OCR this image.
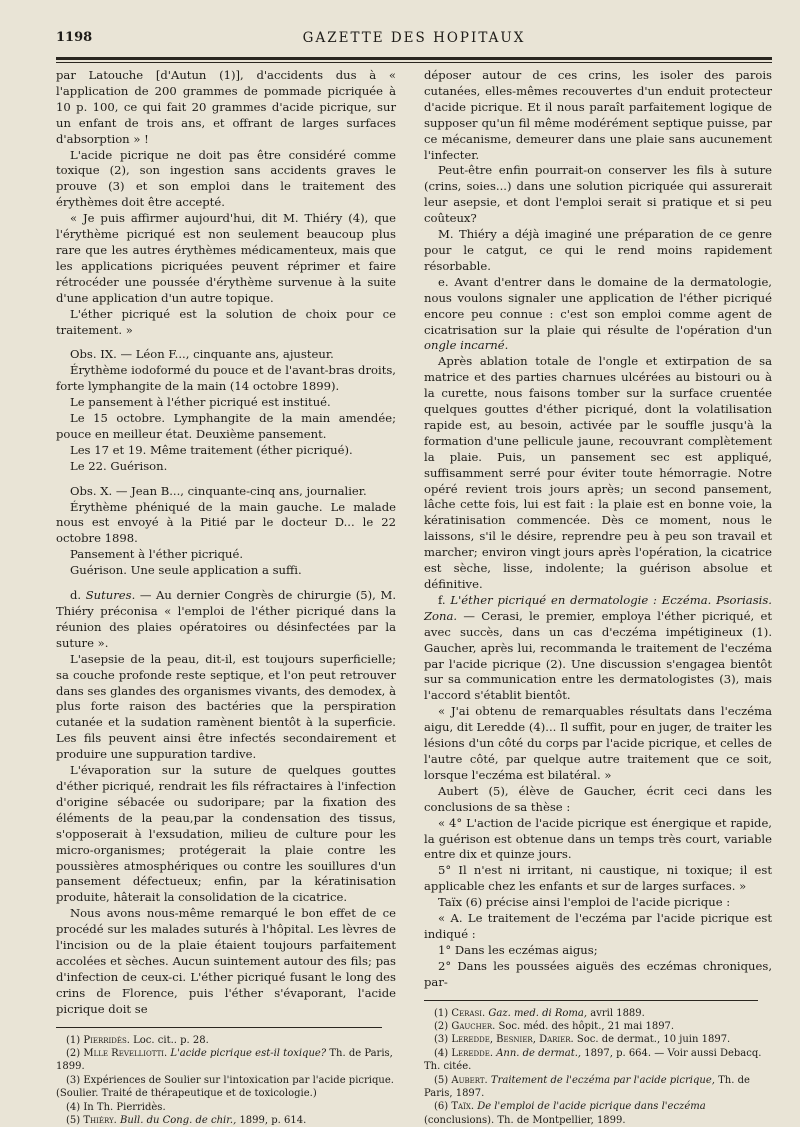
1198	GAZETTE DES HOPITAUX

par Latouche [d'Autun (1)], d'accidents dus à « l'application de 200 grammes de pommade picriquée à 10 p. 100, ce qui fait 20 grammes d'acide picrique, sur un enfant de trois ans, et offrant de larges surfaces d'absorption » !

L'acide picrique ne doit pas être considéré comme toxique (2), son ingestion sans accidents graves le prouve (3) et son emploi dans le traitement des érythèmes doit être accepté.

« Je puis affirmer aujourd'hui, dit M. Thiéry (4), que l'érythème picriqué est non seulement beaucoup plus rare que les autres érythèmes médicamenteux, mais que les applications picriquées peuvent réprimer et faire rétrocéder une poussée d'érythème survenue à la suite d'une application d'un autre topique.

L'éther picriqué est la solution de choix pour ce traitement. »

Obs. IX. — Léon F..., cinquante ans, ajusteur.

Érythème iodoformé du pouce et de l'avant-bras droits, forte lymphangite de la main (14 octobre 1899).

Le pansement à l'éther picriqué est institué.

Le 15 octobre. Lymphangite de la main amendée; pouce en meilleur état. Deuxième pansement.

Les 17 et 19. Même traitement (éther picriqué).

Le 22. Guérison.

Obs. X. — Jean B..., cinquante-cinq ans, journalier.

Érythème phéniqué de la main gauche. Le malade nous est envoyé à la Pitié par le docteur D... le 22 octobre 1898.

Pansement à l'éther picriqué.

Guérison. Une seule application a suffi.

d. Sutures. — Au dernier Congrès de chirurgie (5), M. Thiéry préconisa « l'emploi de l'éther picriqué dans la réunion des plaies opératoires ou désinfectées par la suture ».

L'asepsie de la peau, dit-il, est toujours superficielle; sa couche profonde reste septique, et l'on peut retrouver dans ses glandes des organismes vivants, des demodex, à plus forte raison des bactéries que la perspiration cutanée et la sudation ramènent bientôt à la superficie. Les fils peuvent ainsi être infectés secondairement et produire une suppuration tardive.

L'évaporation sur la suture de quelques gouttes d'éther picriqué, rendrait les fils réfractaires à l'infection d'origine sébacée ou sudoripare; par la fixation des éléments de la peau,par la condensation des tissus, s'opposerait à l'exsudation, milieu de culture pour les micro-organismes; protégerait la plaie contre les poussières atmosphériques ou contre les souillures d'un pansement défectueux; enfin, par la kératinisation produite, hâterait la consolidation de la cicatrice.

Nous avons nous-même remarqué le bon effet de ce procédé sur les malades suturés à l'hôpital. Les lèvres de l'incision ou de la plaie étaient toujours parfaitement accolées et sèches. Aucun suintement autour des fils; pas d'infection de ceux-ci. L'éther picriqué fusant le long des crins de Florence, puis l'éther s'évaporant, l'acide picrique doit se

(1) Pierridès. Loc. cit.. p. 28.

(2) Mlle Revelliotti. L'acide picrique est-il toxique? Th. de Paris, 1899.

(3) Expériences de Soulier sur l'intoxication par l'acide picrique. (Soulier. Traité de thérapeutique et de toxicologie.)

(4) In Th. Pierridès.

(5) Thiéry. Bull. du Cong. de chir., 1899, p. 614.

déposer autour de ces crins, les isoler des parois cutanées, elles-mêmes recouvertes d'un enduit protecteur d'acide picrique. Et il nous paraît parfaitement logique de supposer qu'un fil même modérément septique puisse, par ce mécanisme, demeurer dans une plaie sans aucunement l'infecter.

Peut-être enfin pourrait-on conserver les fils à suture (crins, soies...) dans une solution picriquée qui assurerait leur asepsie, et dont l'emploi serait si pratique et si peu coûteux?

M. Thiéry a déjà imaginé une préparation de ce genre pour le catgut, ce qui le rend moins rapidement résorbable.

e. Avant d'entrer dans le domaine de la dermatologie, nous voulons signaler une application de l'éther picriqué encore peu connue : c'est son emploi comme agent de cicatrisation sur la plaie qui résulte de l'opération d'un ongle incarné.

Après ablation totale de l'ongle et extirpation de sa matrice et des parties charnues ulcérées au bistouri ou à la curette, nous faisons tomber sur la surface cruentée quelques gouttes d'éther picriqué, dont la volatilisation rapide est, au besoin, activée par le souffle jusqu'à la formation d'une pellicule jaune, recouvrant complètement la plaie. Puis, un pansement sec est appliqué, suffisamment serré pour éviter toute hémorragie. Notre opéré revient trois jours après; un second pansement, lâche cette fois, lui est fait : la plaie est en bonne voie, la kératinisation commencée. Dès ce moment, nous le laissons, s'il le désire, reprendre peu à peu son travail et marcher; environ vingt jours après l'opération, la cicatrice est sèche, lisse, indolente; la guérison absolue et définitive.

f. L'éther picriqué en dermatologie : Eczéma. Psoriasis. Zona. — Cerasi, le premier, employa l'éther picriqué, et avec succès, dans un cas d'eczéma impétigineux (1). Gaucher, après lui, recommanda le traitement de l'eczéma par l'acide picrique (2). Une discussion s'engagea bientôt sur sa communication entre les dermatologistes (3), mais l'accord s'établit bientôt.

« J'ai obtenu de remarquables résultats dans l'eczéma aigu, dit Leredde (4)... Il suffit, pour en juger, de traiter les lésions d'un côté du corps par l'acide picrique, et celles de l'autre côté, par quelque autre traitement que ce soit, lorsque l'eczéma est bilatéral. »

Aubert (5), élève de Gaucher, écrit ceci dans les conclusions de sa thèse :

« 4° L'action de l'acide picrique est énergique et rapide, la guérison est obtenue dans un temps très court, variable entre dix et quinze jours.

5° Il n'est ni irritant, ni caustique, ni toxique; il est applicable chez les enfants et sur de larges surfaces. »

Taïx (6) précise ainsi l'emploi de l'acide picrique :

« A. Le traitement de l'eczéma par l'acide picrique est indiqué :

1° Dans les eczémas aigus;

2° Dans les poussées aiguës des eczémas chroniques, par-

(1) Cerasi. Gaz. med. di Roma, avril 1889.

(2) Gaucher. Soc. méd. des hôpit., 21 mai 1897.

(3) Leredde, Besnier, Darier. Soc. de dermat., 10 juin 1897.

(4) Leredde. Ann. de dermat., 1897, p. 664. — Voir aussi Debacq. Th. citée.

(5) Aubert. Traitement de l'eczéma par l'acide picrique, Th. de Paris, 1897.

(6) Taïx. De l'emploi de l'acide picrique dans l'eczéma (conclusions). Th. de Montpellier, 1899.
